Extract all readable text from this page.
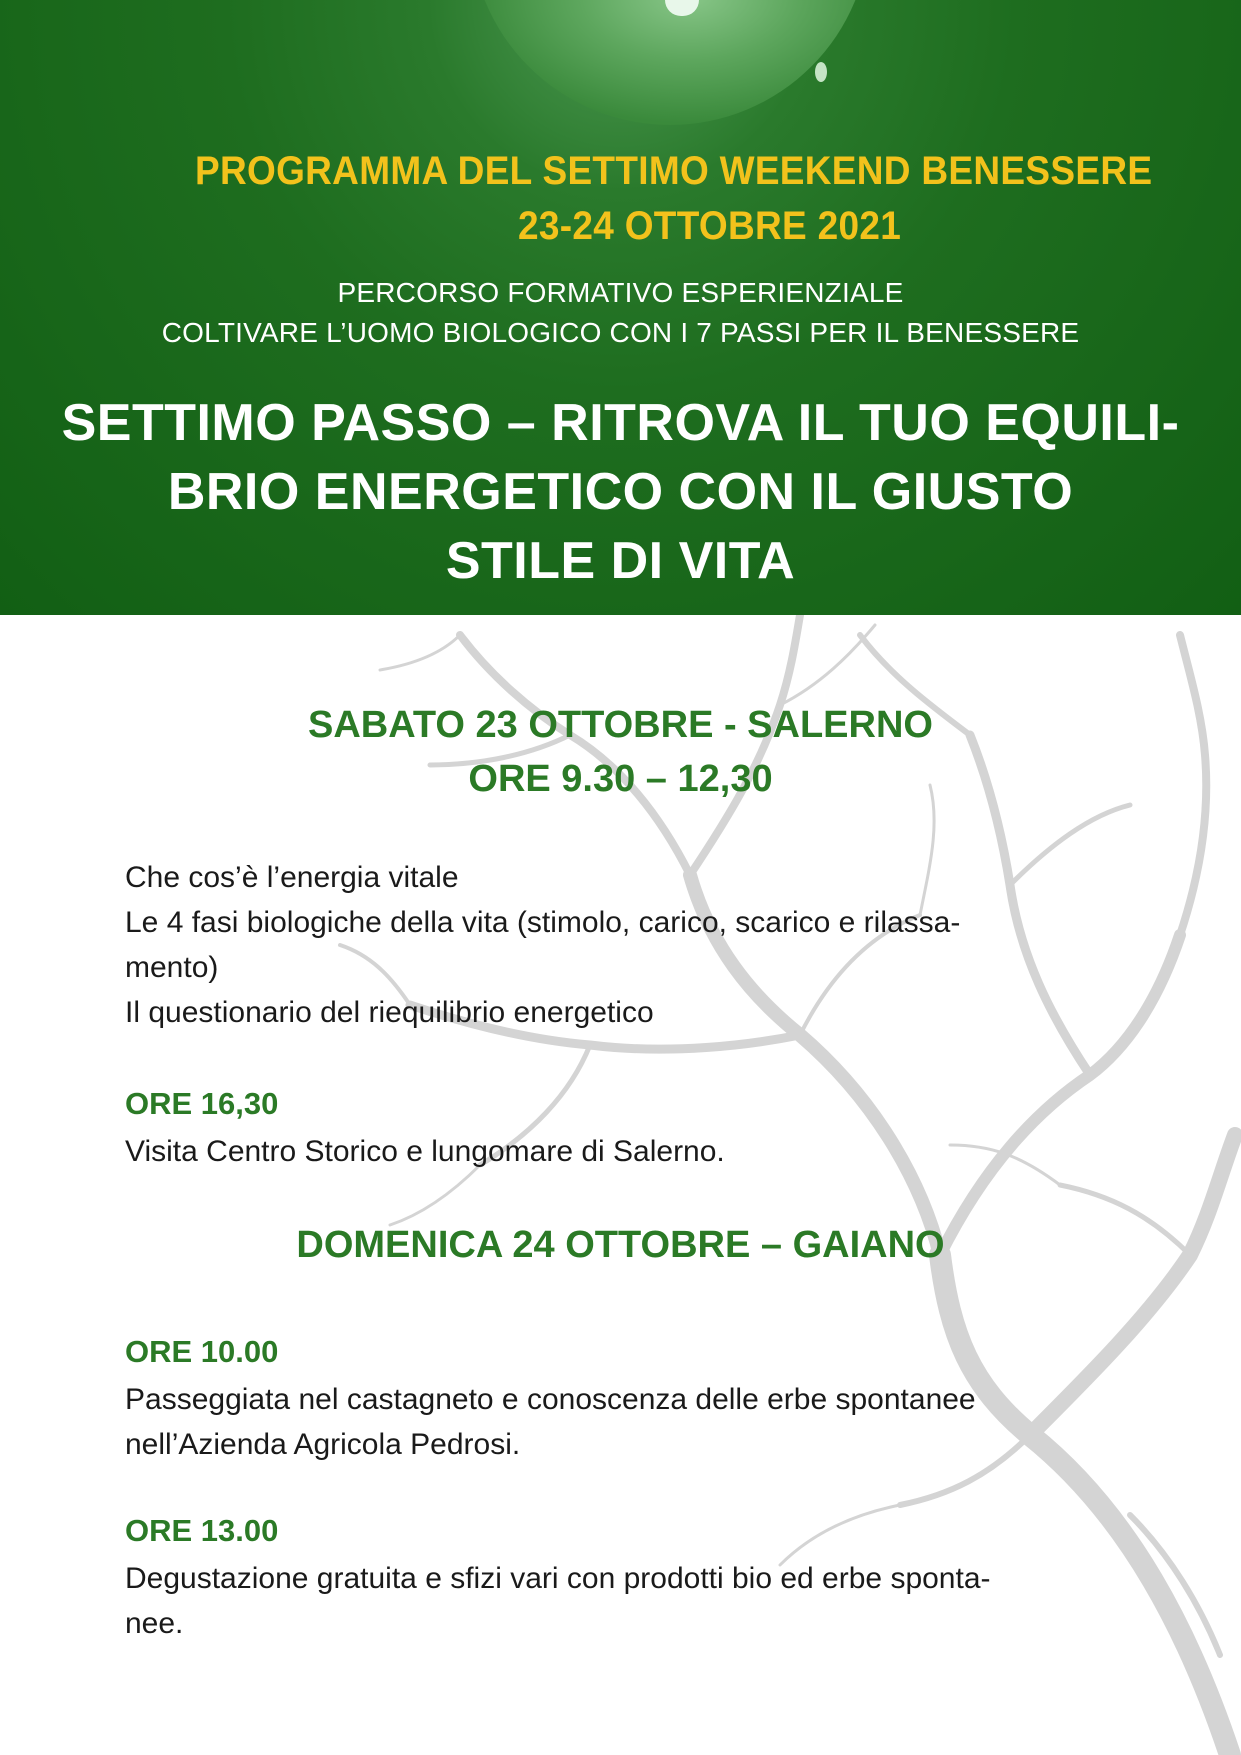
PROGRAMMA DEL SETTIMO WEEKEND BENESSERE
23-24 OTTOBRE 2021
PERCORSO FORMATIVO ESPERIENZIALE
COLTIVARE L’UOMO BIOLOGICO CON I 7 PASSI PER IL BENESSERE
SETTIMO PASSO – RITROVA IL TUO EQUILI-
BRIO ENERGETICO CON IL GIUSTO
STILE DI VITA
SABATO 23 OTTOBRE - SALERNO
ORE 9.30 – 12,30
Che cos’è l’energia vitale
Le 4 fasi biologiche della vita (stimolo, carico, scarico e rilassa-
mento)
Il questionario del riequilibrio energetico
ORE 16,30
Visita Centro Storico e lungomare di Salerno.
DOMENICA 24 OTTOBRE – GAIANO
ORE 10.00
Passeggiata nel castagneto e conoscenza delle erbe spontanee
nell’Azienda Agricola Pedrosi.
ORE 13.00
Degustazione gratuita e sfizi vari con prodotti bio ed erbe sponta-
nee.
